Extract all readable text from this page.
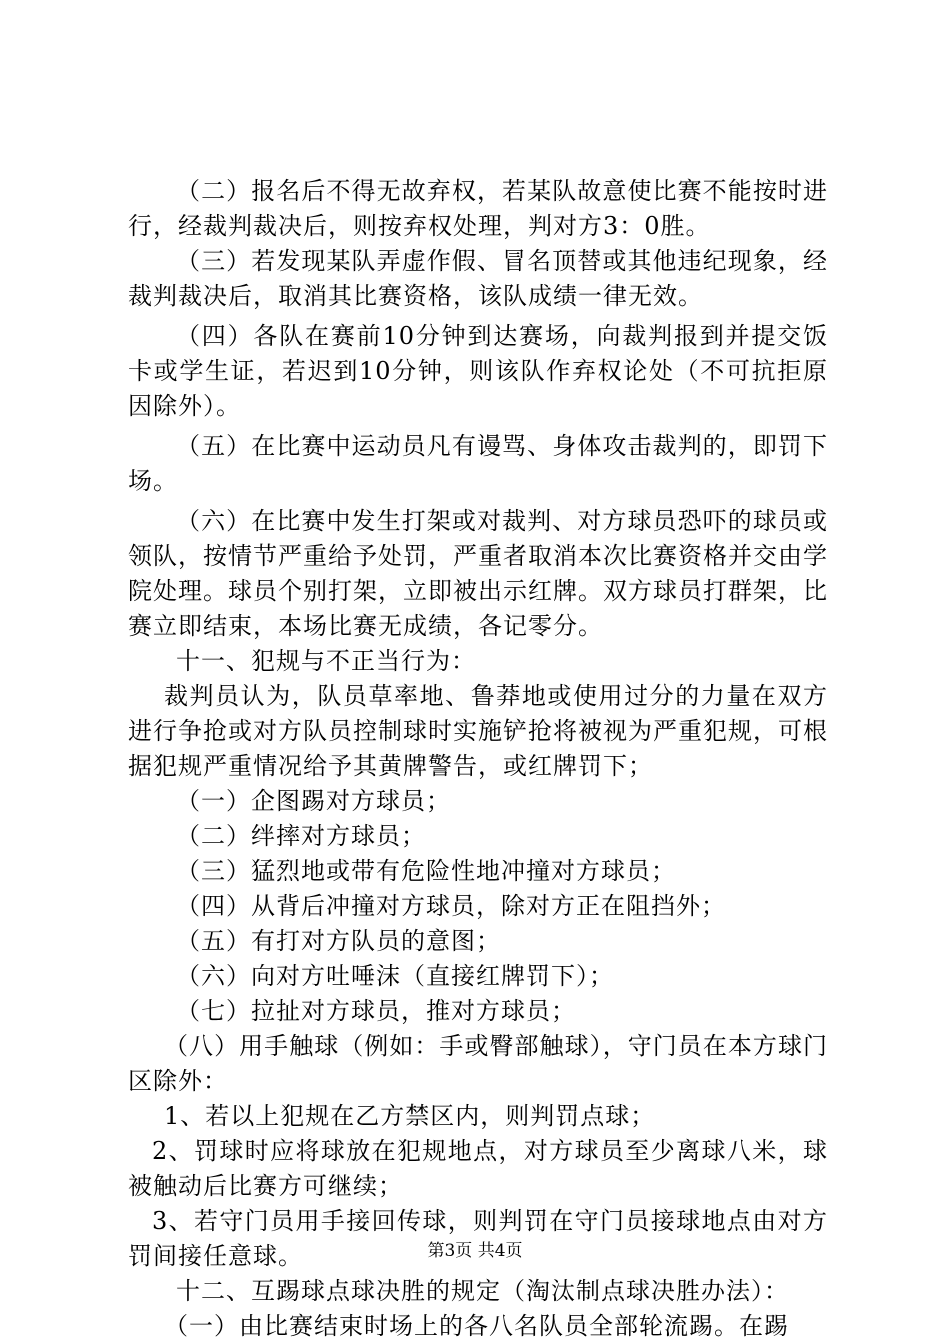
（二）报名后不得无故弃权，若某队故意使比赛不能按时进行，经裁判裁决后，则按弃权处理，判对方3：0胜。

（三）若发现某队弄虚作假、冒名顶替或其他违纪现象，经裁判裁决后，取消其比赛资格，该队成绩一律无效。

（四）各队在赛前10分钟到达赛场，向裁判报到并提交饭卡或学生证，若迟到10分钟，则该队作弃权论处（不可抗拒原因除外）。

（五）在比赛中运动员凡有谩骂、身体攻击裁判的，即罚下场。

（六）在比赛中发生打架或对裁判、对方球员恐吓的球员或领队，按情节严重给予处罚，严重者取消本次比赛资格并交由学院处理。球员个别打架，立即被出示红牌。双方球员打群架，比赛立即结束，本场比赛无成绩，各记零分。

十一、犯规与不正当行为：

裁判员认为，队员草率地、鲁莽地或使用过分的力量在双方进行争抢或对方队员控制球时实施铲抢将被视为严重犯规，可根据犯规严重情况给予其黄牌警告，或红牌罚下；

（一）企图踢对方球员；

（二）绊摔对方球员；

（三）猛烈地或带有危险性地冲撞对方球员；

（四）从背后冲撞对方球员，除对方正在阻挡外；

（五）有打对方队员的意图；

（六）向对方吐唾沫（直接红牌罚下）；

（七）拉扯对方球员，推对方球员；

（八）用手触球（例如：手或臀部触球），守门员在本方球门区除外：

1、若以上犯规在乙方禁区内，则判罚点球；

2、罚球时应将球放在犯规地点，对方球员至少离球八米，球被触动后比赛方可继续；

3、若守门员用手接回传球，则判罚在守门员接球地点由对方罚间接任意球。

十二、互踢球点球决胜的规定（淘汰制点球决胜办法）：

（一）由比赛结束时场上的各八名队员全部轮流踢。在踢

第3页 共4页
